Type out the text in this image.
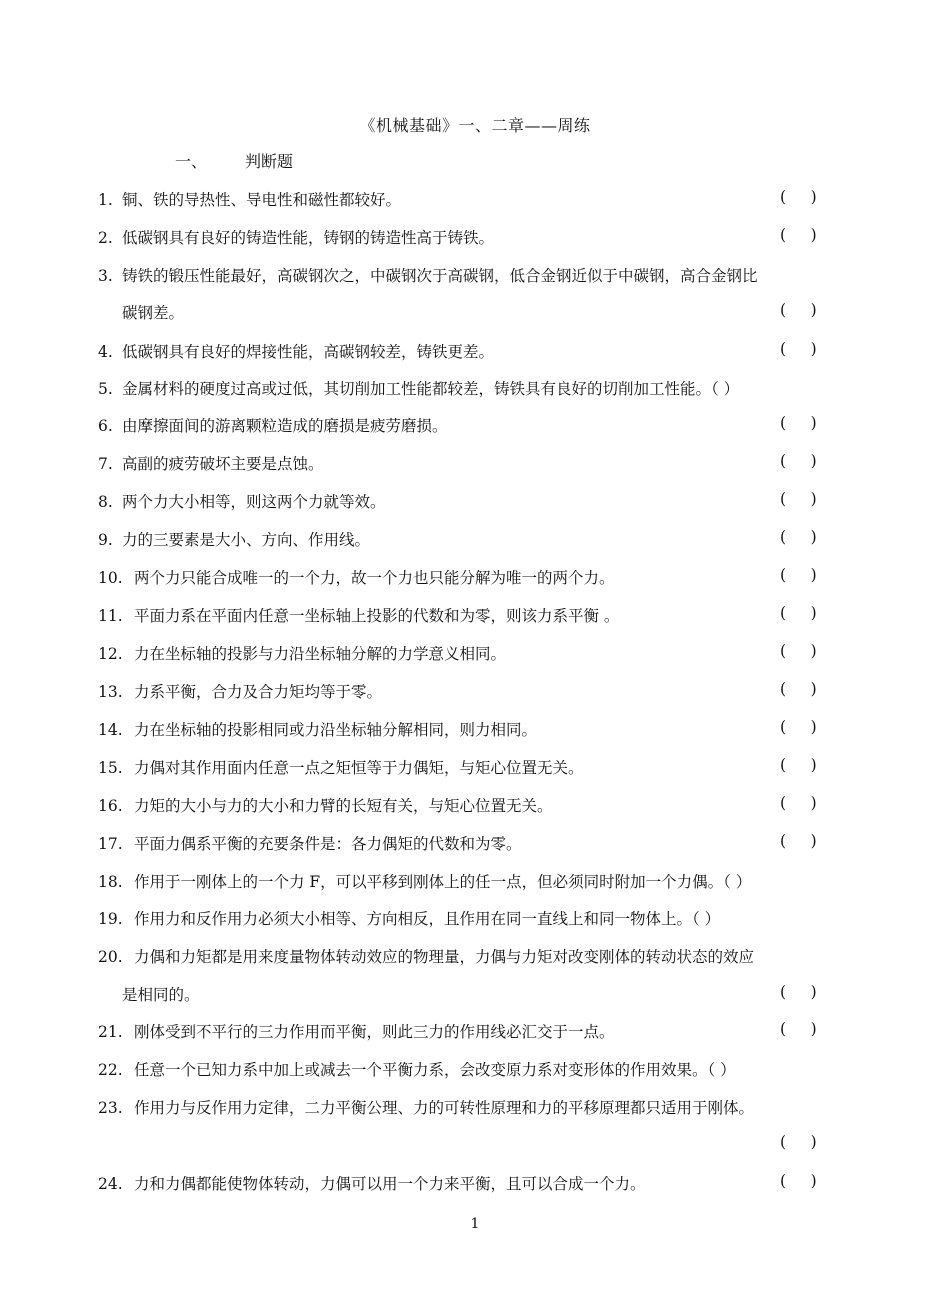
《机械基础》一、二章——周练
一、 判断题
1. 铜、铁的导热性、导电性和磁性都较好。	(     )
2. 低碳钢具有良好的铸造性能，铸钢的铸造性高于铸铁。	(     )
3. 铸铁的锻压性能最好，高碳钢次之，中碳钢次于高碳钢，低合金钢近似于中碳钢，高合金钢比
碳钢差。	(     )
4. 低碳钢具有良好的焊接性能，高碳钢较差，铸铁更差。	(     )
5. 金属材料的硬度过高或过低，其切削加工性能都较差，铸铁具有良好的切削加工性能。（ ）
6. 由摩擦面间的游离颗粒造成的磨损是疲劳磨损。	(     )
7. 高副的疲劳破坏主要是点蚀。	(     )
8. 两个力大小相等，则这两个力就等效。	(     )
9. 力的三要素是大小、方向、作用线。	(     )
10. 两个力只能合成唯一的一个力，故一个力也只能分解为唯一的两个力。	(     )
11. 平面力系在平面内任意一坐标轴上投影的代数和为零，则该力系平衡 。	(     )
12. 力在坐标轴的投影与力沿坐标轴分解的力学意义相同。	(     )
13. 力系平衡，合力及合力矩均等于零。	(     )
14. 力在坐标轴的投影相同或力沿坐标轴分解相同，则力相同。	(     )
15. 力偶对其作用面内任意一点之矩恒等于力偶矩，与矩心位置无关。	(     )
16. 力矩的大小与力的大小和力臂的长短有关，与矩心位置无关。	(     )
17. 平面力偶系平衡的充要条件是：各力偶矩的代数和为零。	(     )
18. 作用于一刚体上的一个力 F，可以平移到刚体上的任一点，但必须同时附加一个力偶。（ ）
19. 作用力和反作用力必须大小相等、方向相反，且作用在同一直线上和同一物体上。（ ）
20. 力偶和力矩都是用来度量物体转动效应的物理量，力偶与力矩对改变刚体的转动状态的效应
是相同的。	(     )
21. 刚体受到不平行的三力作用而平衡，则此三力的作用线必汇交于一点。	(     )
22. 任意一个已知力系中加上或减去一个平衡力系，会改变原力系对变形体的作用效果。（ ）
23. 作用力与反作用力定律，二力平衡公理、力的可转性原理和力的平移原理都只适用于刚体。
(     )
24. 力和力偶都能使物体转动，力偶可以用一个力来平衡，且可以合成一个力。	(     )
1
